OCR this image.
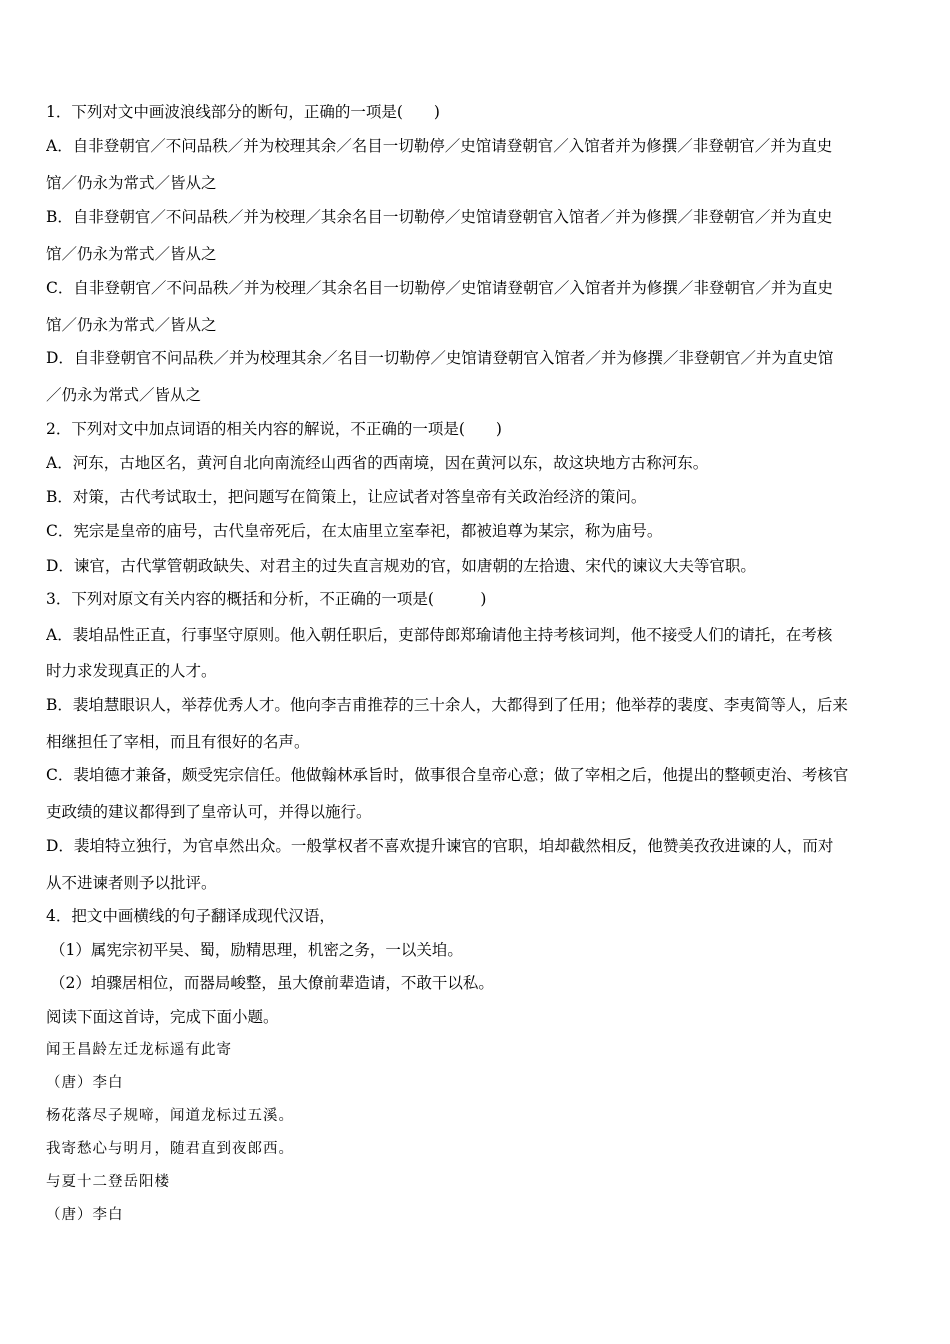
1．下列对文中画波浪线部分的断句，正确的一项是(　　)
A．自非登朝官／不问品秩／并为校理其余／名目一切勒停／史馆请登朝官／入馆者并为修撰／非登朝官／并为直史
馆／仍永为常式／皆从之
B．自非登朝官／不问品秩／并为校理／其余名目一切勒停／史馆请登朝官入馆者／并为修撰／非登朝官／并为直史
馆／仍永为常式／皆从之
C．自非登朝官／不问品秩／并为校理／其余名目一切勒停／史馆请登朝官／入馆者并为修撰／非登朝官／并为直史
馆／仍永为常式／皆从之
D．自非登朝官不问品秩／并为校理其余／名目一切勒停／史馆请登朝官入馆者／并为修撰／非登朝官／并为直史馆
／仍永为常式／皆从之
2．下列对文中加点词语的相关内容的解说，不正确的一项是(　　)
A．河东，古地区名，黄河自北向南流经山西省的西南境，因在黄河以东，故这块地方古称河东。
B．对策，古代考试取士，把问题写在简策上，让应试者对答皇帝有关政治经济的策问。
C．宪宗是皇帝的庙号，古代皇帝死后，在太庙里立室奉祀，都被追尊为某宗，称为庙号。
D．谏官，古代掌管朝政缺失、对君主的过失直言规劝的官，如唐朝的左拾遗、宋代的谏议大夫等官职。
3．下列对原文有关内容的概括和分析，不正确的一项是(　　　)
A．裴垍品性正直，行事坚守原则。他入朝任职后，吏部侍郎郑瑜请他主持考核词判，他不接受人们的请托，在考核
时力求发现真正的人才。
B．裴垍慧眼识人，举荐优秀人才。他向李吉甫推荐的三十余人，大都得到了任用；他举荐的裴度、李夷简等人，后来
相继担任了宰相，而且有很好的名声。
C．裴垍德才兼备，颇受宪宗信任。他做翰林承旨时，做事很合皇帝心意；做了宰相之后，他提出的整顿吏治、考核官
吏政绩的建议都得到了皇帝认可，并得以施行。
D．裴垍特立独行，为官卓然出众。一般掌权者不喜欢提升谏官的官职，垍却截然相反，他赞美孜孜进谏的人，而对
从不进谏者则予以批评。
4．把文中画横线的句子翻译成现代汉语，
（1）属宪宗初平吴、蜀，励精思理，机密之务，一以关垍。
（2）垍骤居相位，而器局峻整，虽大僚前辈造请，不敢干以私。
阅读下面这首诗，完成下面小题。
闻王昌龄左迁龙标遥有此寄
（唐）李白
杨花落尽子规啼，闻道龙标过五溪。
我寄愁心与明月，随君直到夜郎西。
与夏十二登岳阳楼
（唐）李白
